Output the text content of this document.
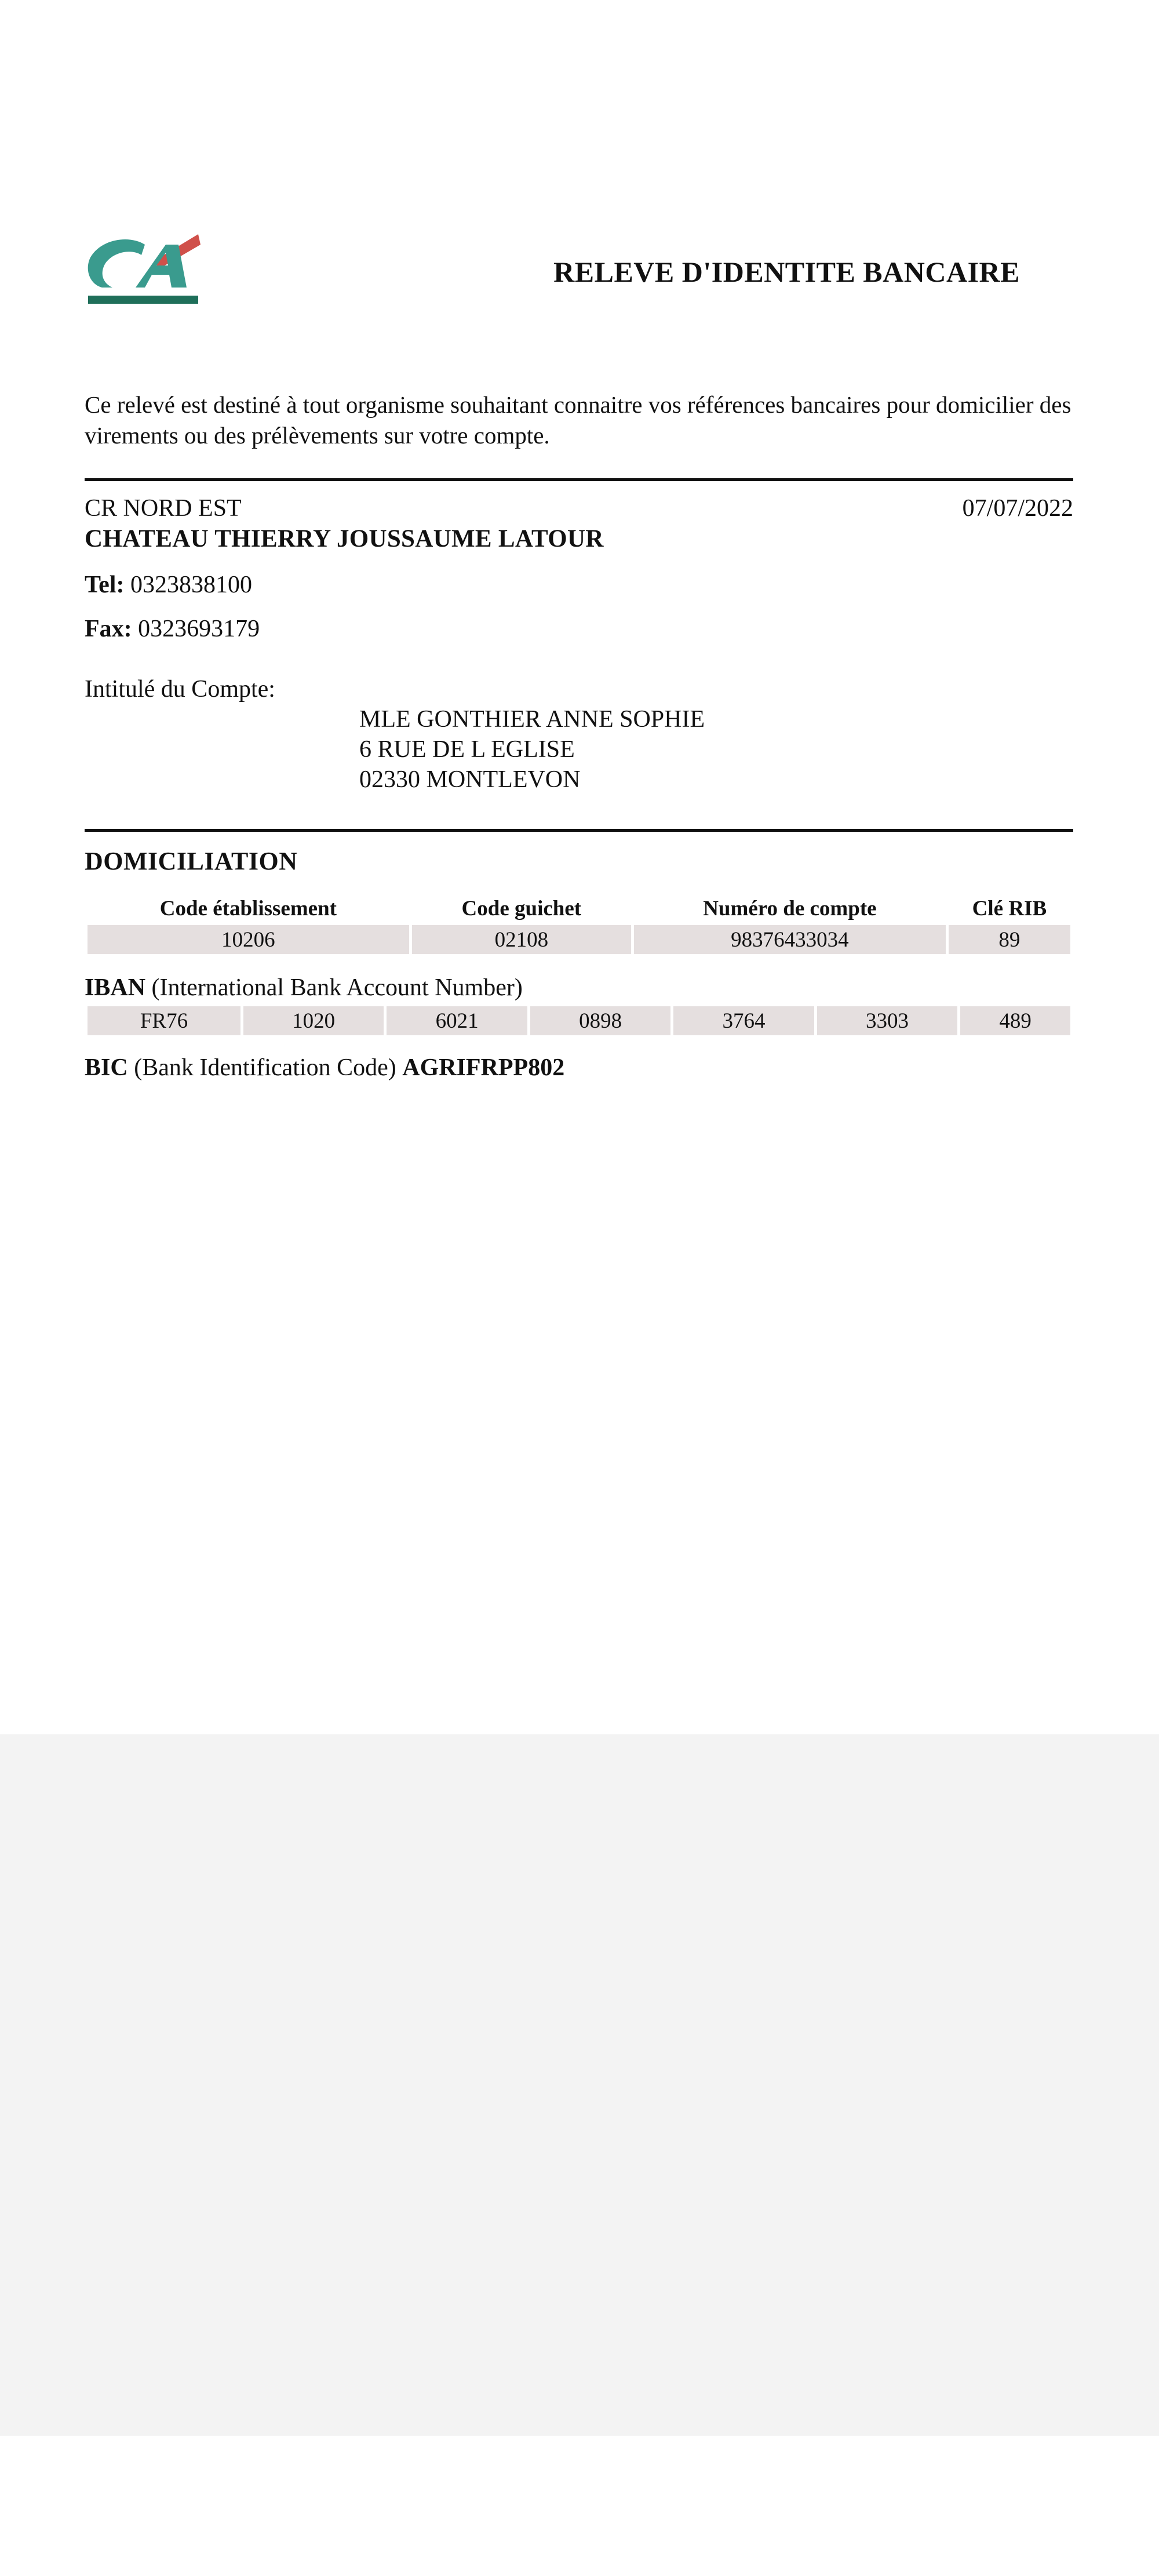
RELEVE D'IDENTITE BANCAIRE
Ce relevé est destiné à tout organisme souhaitant connaitre vos références bancaires pour domicilier des virements ou des prélèvements sur votre compte.
CR NORD EST	07/07/2022
CHATEAU THIERRY JOUSSAUME LATOUR
Tel: 0323838100
Fax: 0323693179
Intitulé du Compte:
MLE GONTHIER ANNE SOPHIE
6 RUE DE L EGLISE
02330 MONTLEVON
DOMICILIATION
Code établissement	Code guichet	Numéro de compte	Clé RIB
10206	02108	98376433034	89
IBAN (International Bank Account Number)
FR76	1020	6021	0898	3764	3303	489
BIC (Bank Identification Code) AGRIFRPP802
